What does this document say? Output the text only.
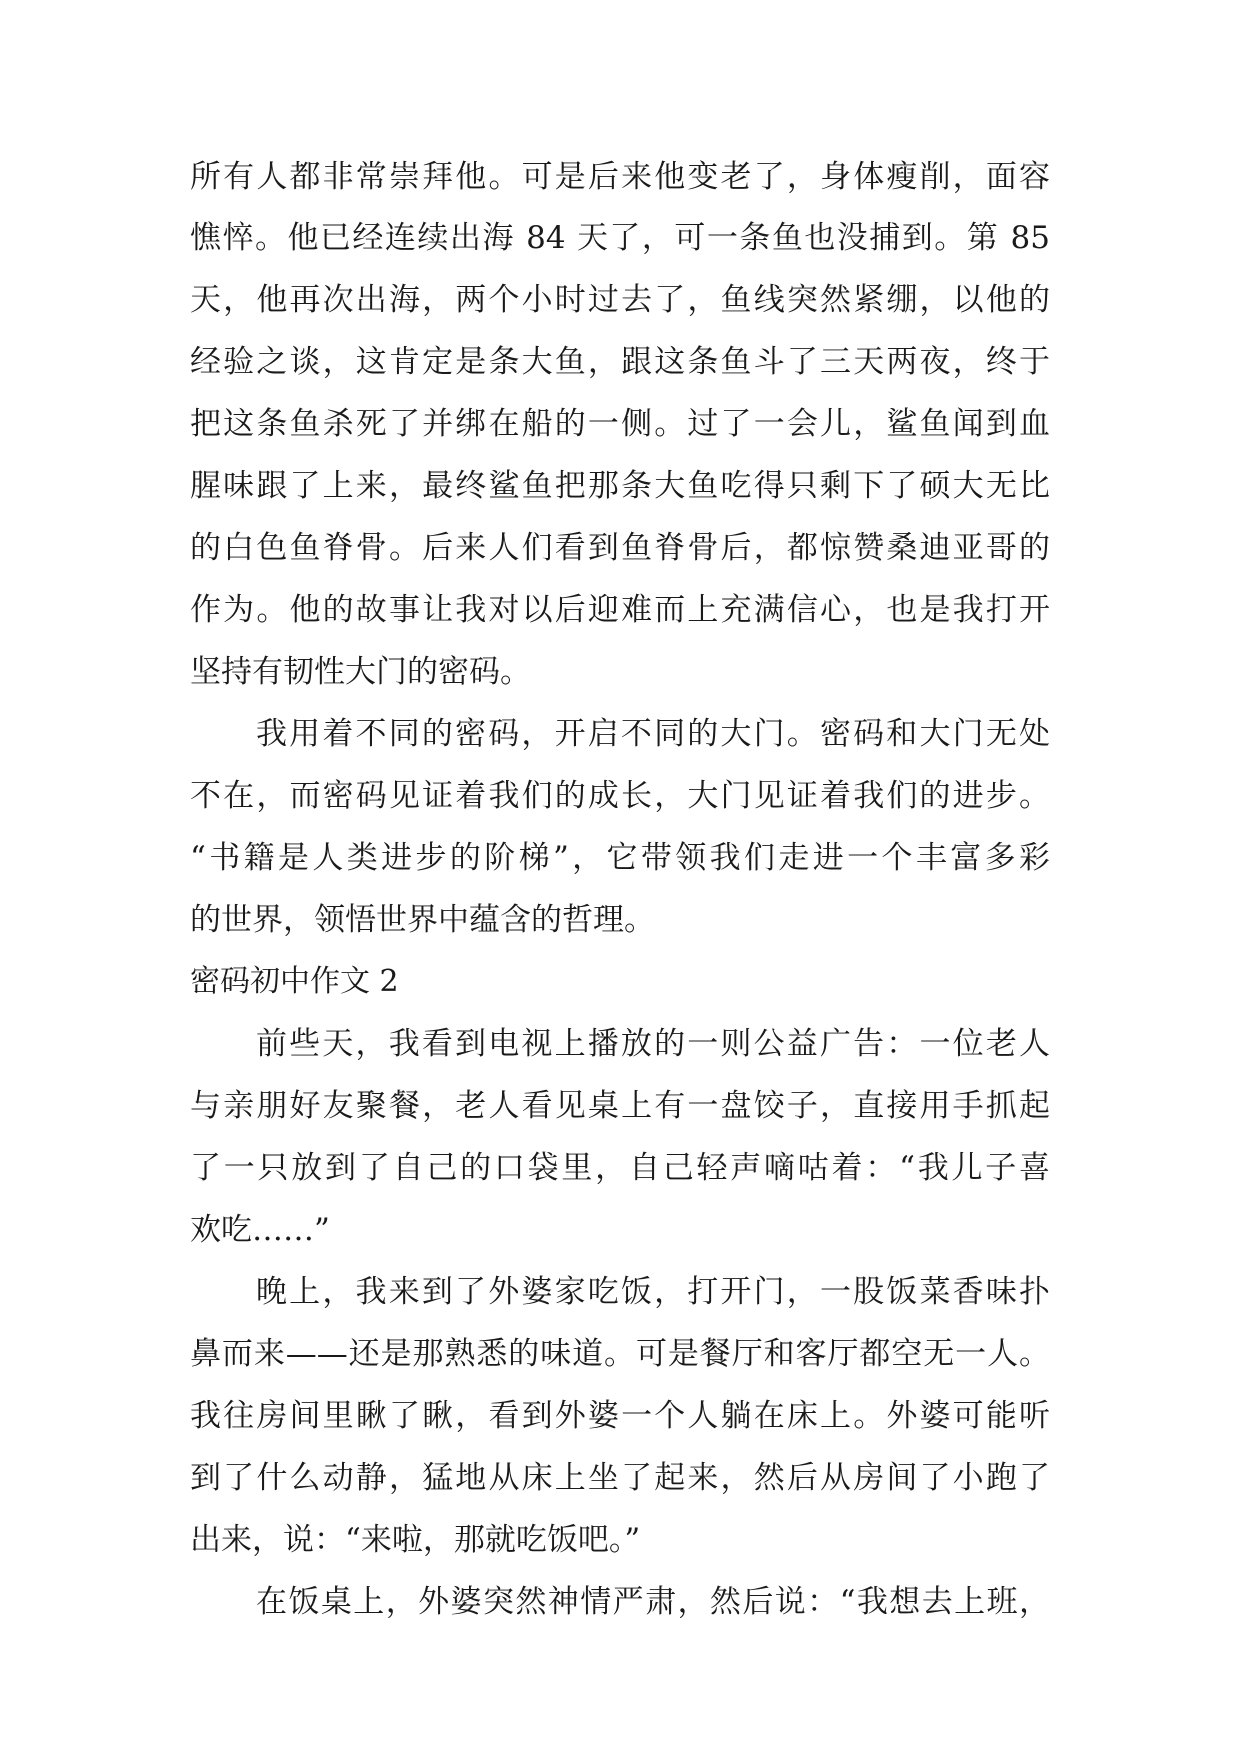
所有人都非常崇拜他。可是后来他变老了，身体瘦削，面容
憔悴。他已经连续出海 84 天了，可一条鱼也没捕到。第 85
天，他再次出海，两个小时过去了，鱼线突然紧绷，以他的
经验之谈，这肯定是条大鱼，跟这条鱼斗了三天两夜，终于
把这条鱼杀死了并绑在船的一侧。过了一会儿，鲨鱼闻到血
腥味跟了上来，最终鲨鱼把那条大鱼吃得只剩下了硕大无比
的白色鱼脊骨。后来人们看到鱼脊骨后，都惊赞桑迪亚哥的
作为。他的故事让我对以后迎难而上充满信心，也是我打开
坚持有韧性大门的密码。
我用着不同的密码，开启不同的大门。密码和大门无处
不在，而密码见证着我们的成长，大门见证着我们的进步。
“书籍是人类进步的阶梯”，它带领我们走进一个丰富多彩
的世界，领悟世界中蕴含的哲理。
密码初中作文 2
前些天，我看到电视上播放的一则公益广告：一位老人
与亲朋好友聚餐，老人看见桌上有一盘饺子，直接用手抓起
了一只放到了自己的口袋里，自己轻声嘀咕着：“我儿子喜
欢吃……”
晚上，我来到了外婆家吃饭，打开门，一股饭菜香味扑
鼻而来——还是那熟悉的味道。可是餐厅和客厅都空无一人。
我往房间里瞅了瞅，看到外婆一个人躺在床上。外婆可能听
到了什么动静，猛地从床上坐了起来，然后从房间了小跑了
出来，说：“来啦，那就吃饭吧。”
在饭桌上，外婆突然神情严肃，然后说：“我想去上班，
